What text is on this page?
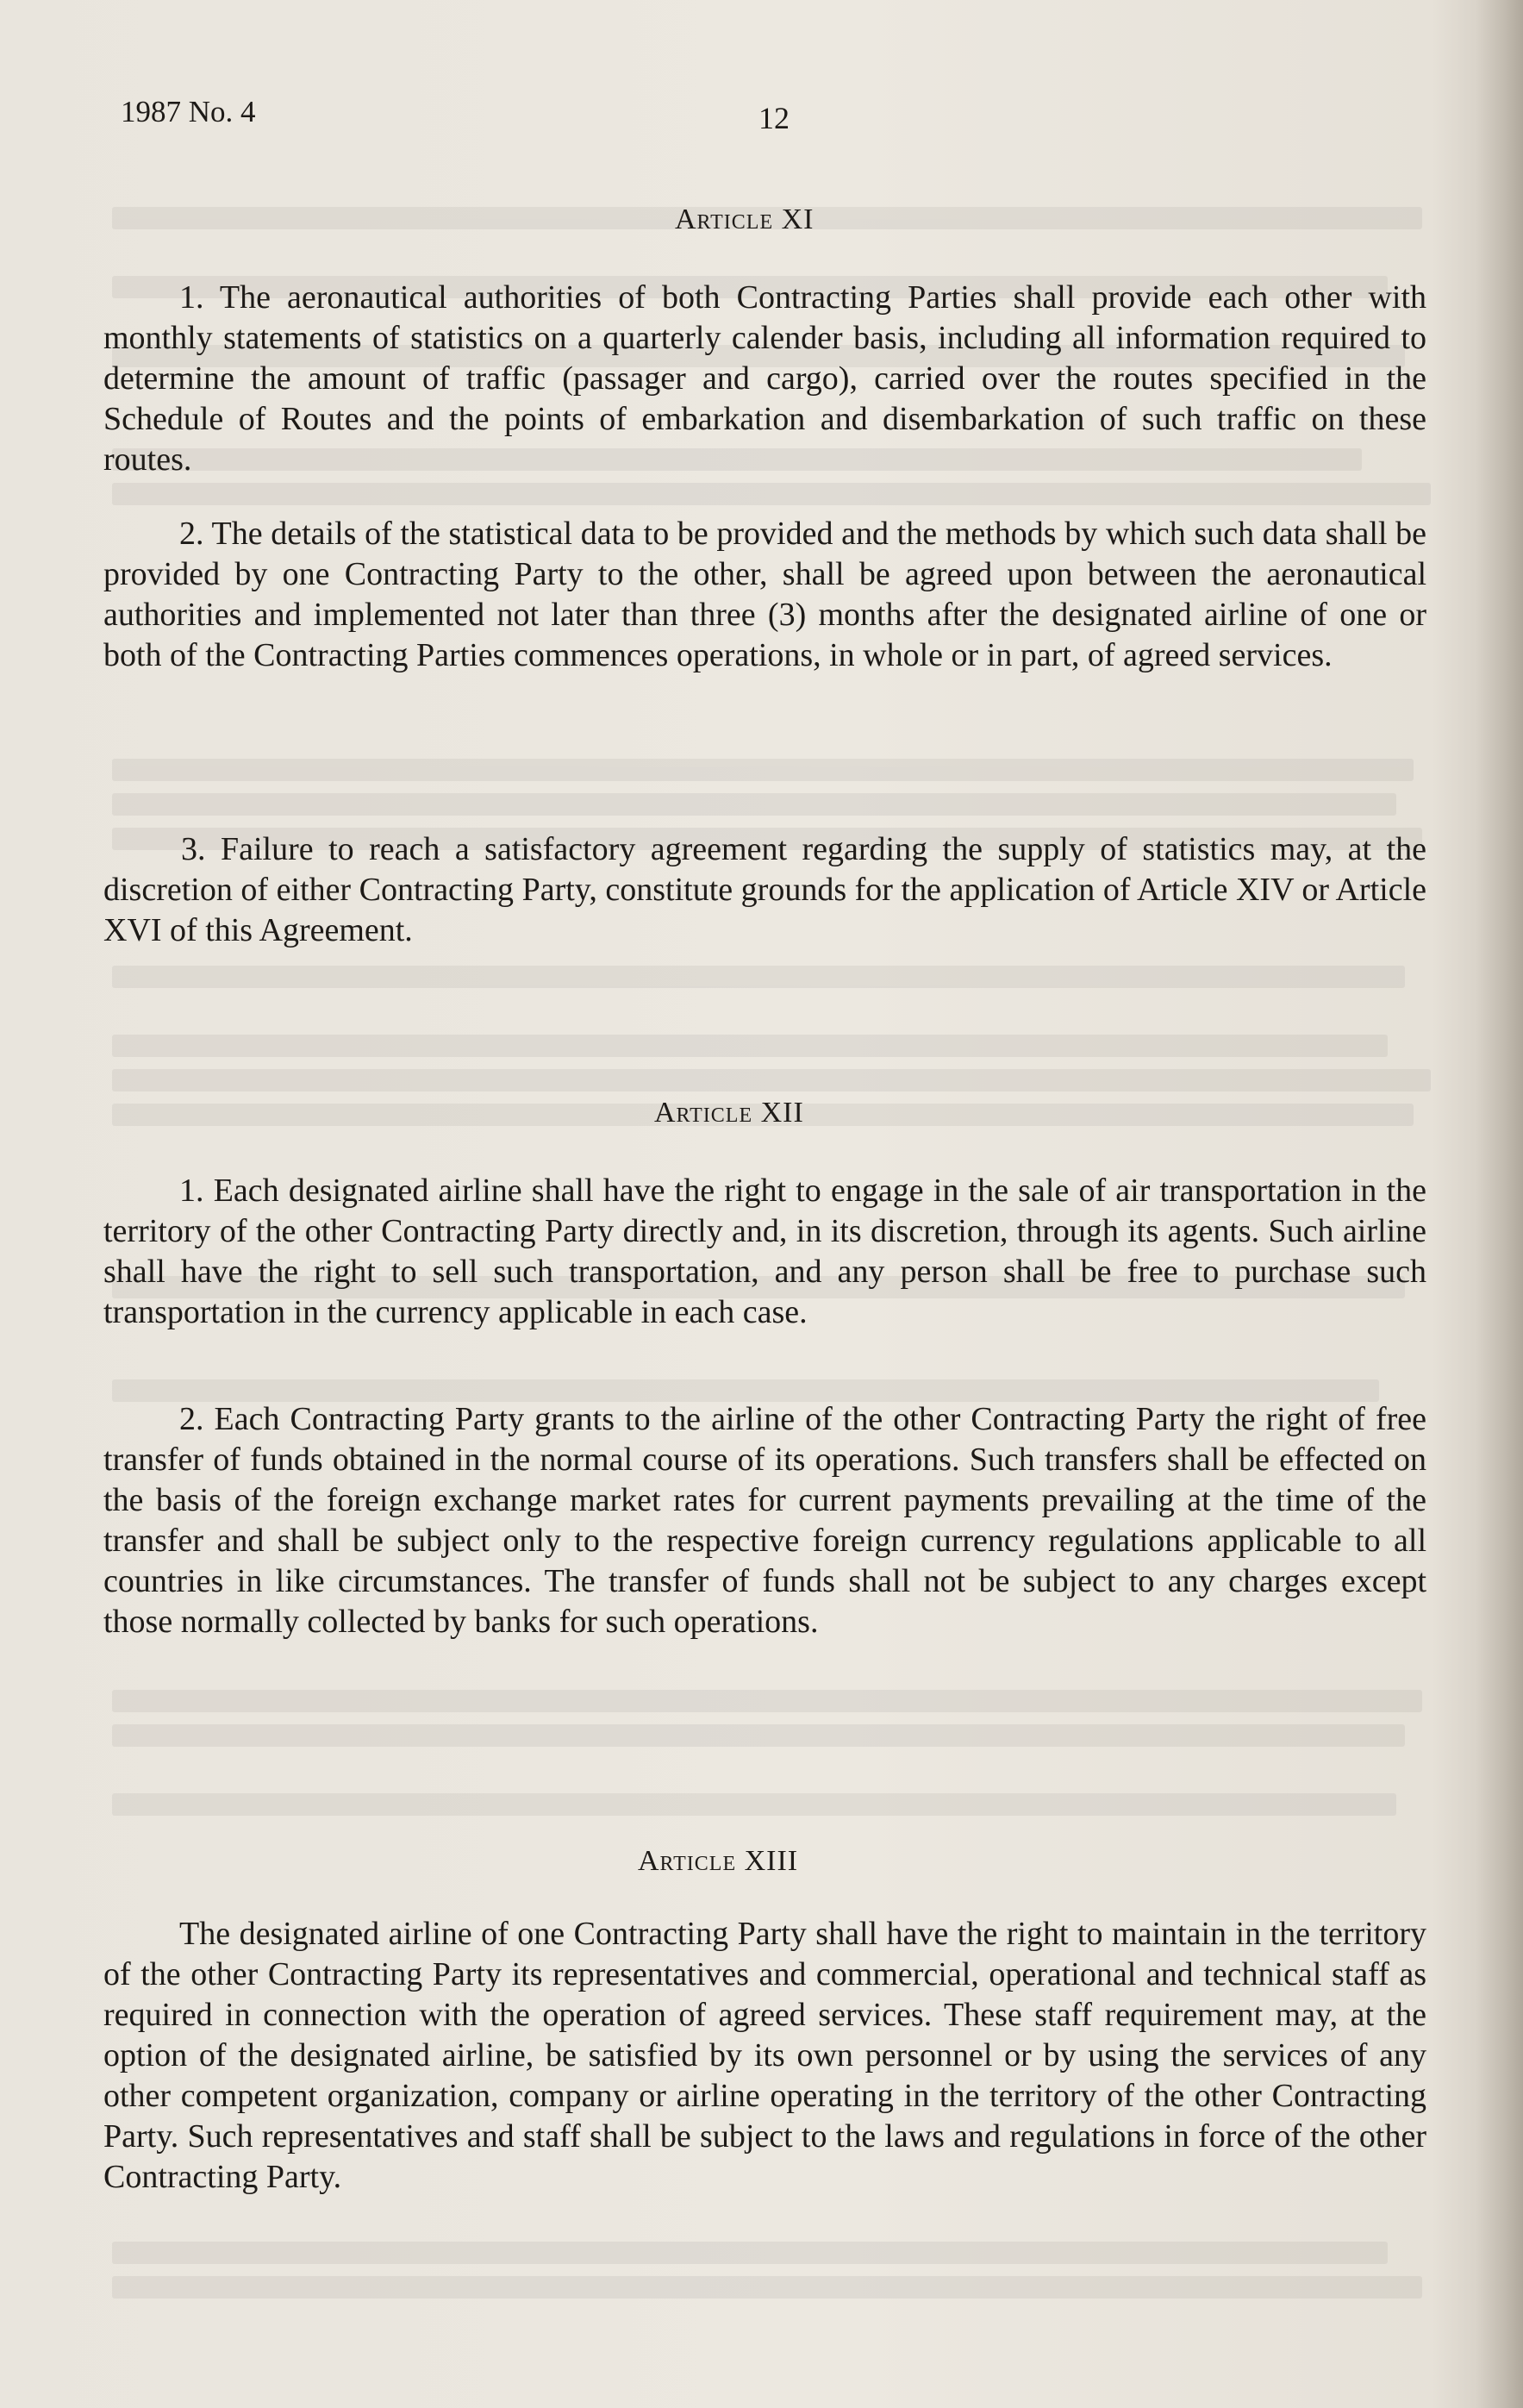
1987 No. 4	12
Article XI
1. The aeronautical authorities of both Contracting Parties shall provide each other with monthly statements of statistics on a quarterly calender basis, including all information required to determine the amount of traffic (passager and cargo), carried over the routes specified in the Schedule of Routes and the points of embarkation and disembarkation of such traffic on these routes.
2. The details of the statistical data to be provided and the methods by which such data shall be provided by one Contracting Party to the other, shall be agreed upon between the aeronautical authorities and implemented not later than three (3) months after the designated airline of one or both of the Contracting Parties commences operations, in whole or in part, of agreed services.
3. Failure to reach a satisfactory agreement regarding the supply of statistics may, at the discretion of either Contracting Party, constitute grounds for the application of Article XIV or Article XVI of this Agreement.
Article XII
1. Each designated airline shall have the right to engage in the sale of air transportation in the territory of the other Contracting Party directly and, in its discretion, through its agents. Such airline shall have the right to sell such transportation, and any person shall be free to purchase such transportation in the currency applicable in each case.
2. Each Contracting Party grants to the airline of the other Contracting Party the right of free transfer of funds obtained in the normal course of its operations. Such transfers shall be effected on the basis of the foreign exchange market rates for current payments prevailing at the time of the transfer and shall be subject only to the respective foreign currency regulations applicable to all countries in like circumstances. The transfer of funds shall not be subject to any charges except those normally collected by banks for such operations.
Article XIII
The designated airline of one Contracting Party shall have the right to maintain in the territory of the other Contracting Party its representatives and commercial, operational and technical staff as required in connection with the operation of agreed services. These staff requirement may, at the option of the designated airline, be satisfied by its own personnel or by using the services of any other competent organization, company or airline operating in the territory of the other Contracting Party. Such representatives and staff shall be subject to the laws and regulations in force of the other Contracting Party.
